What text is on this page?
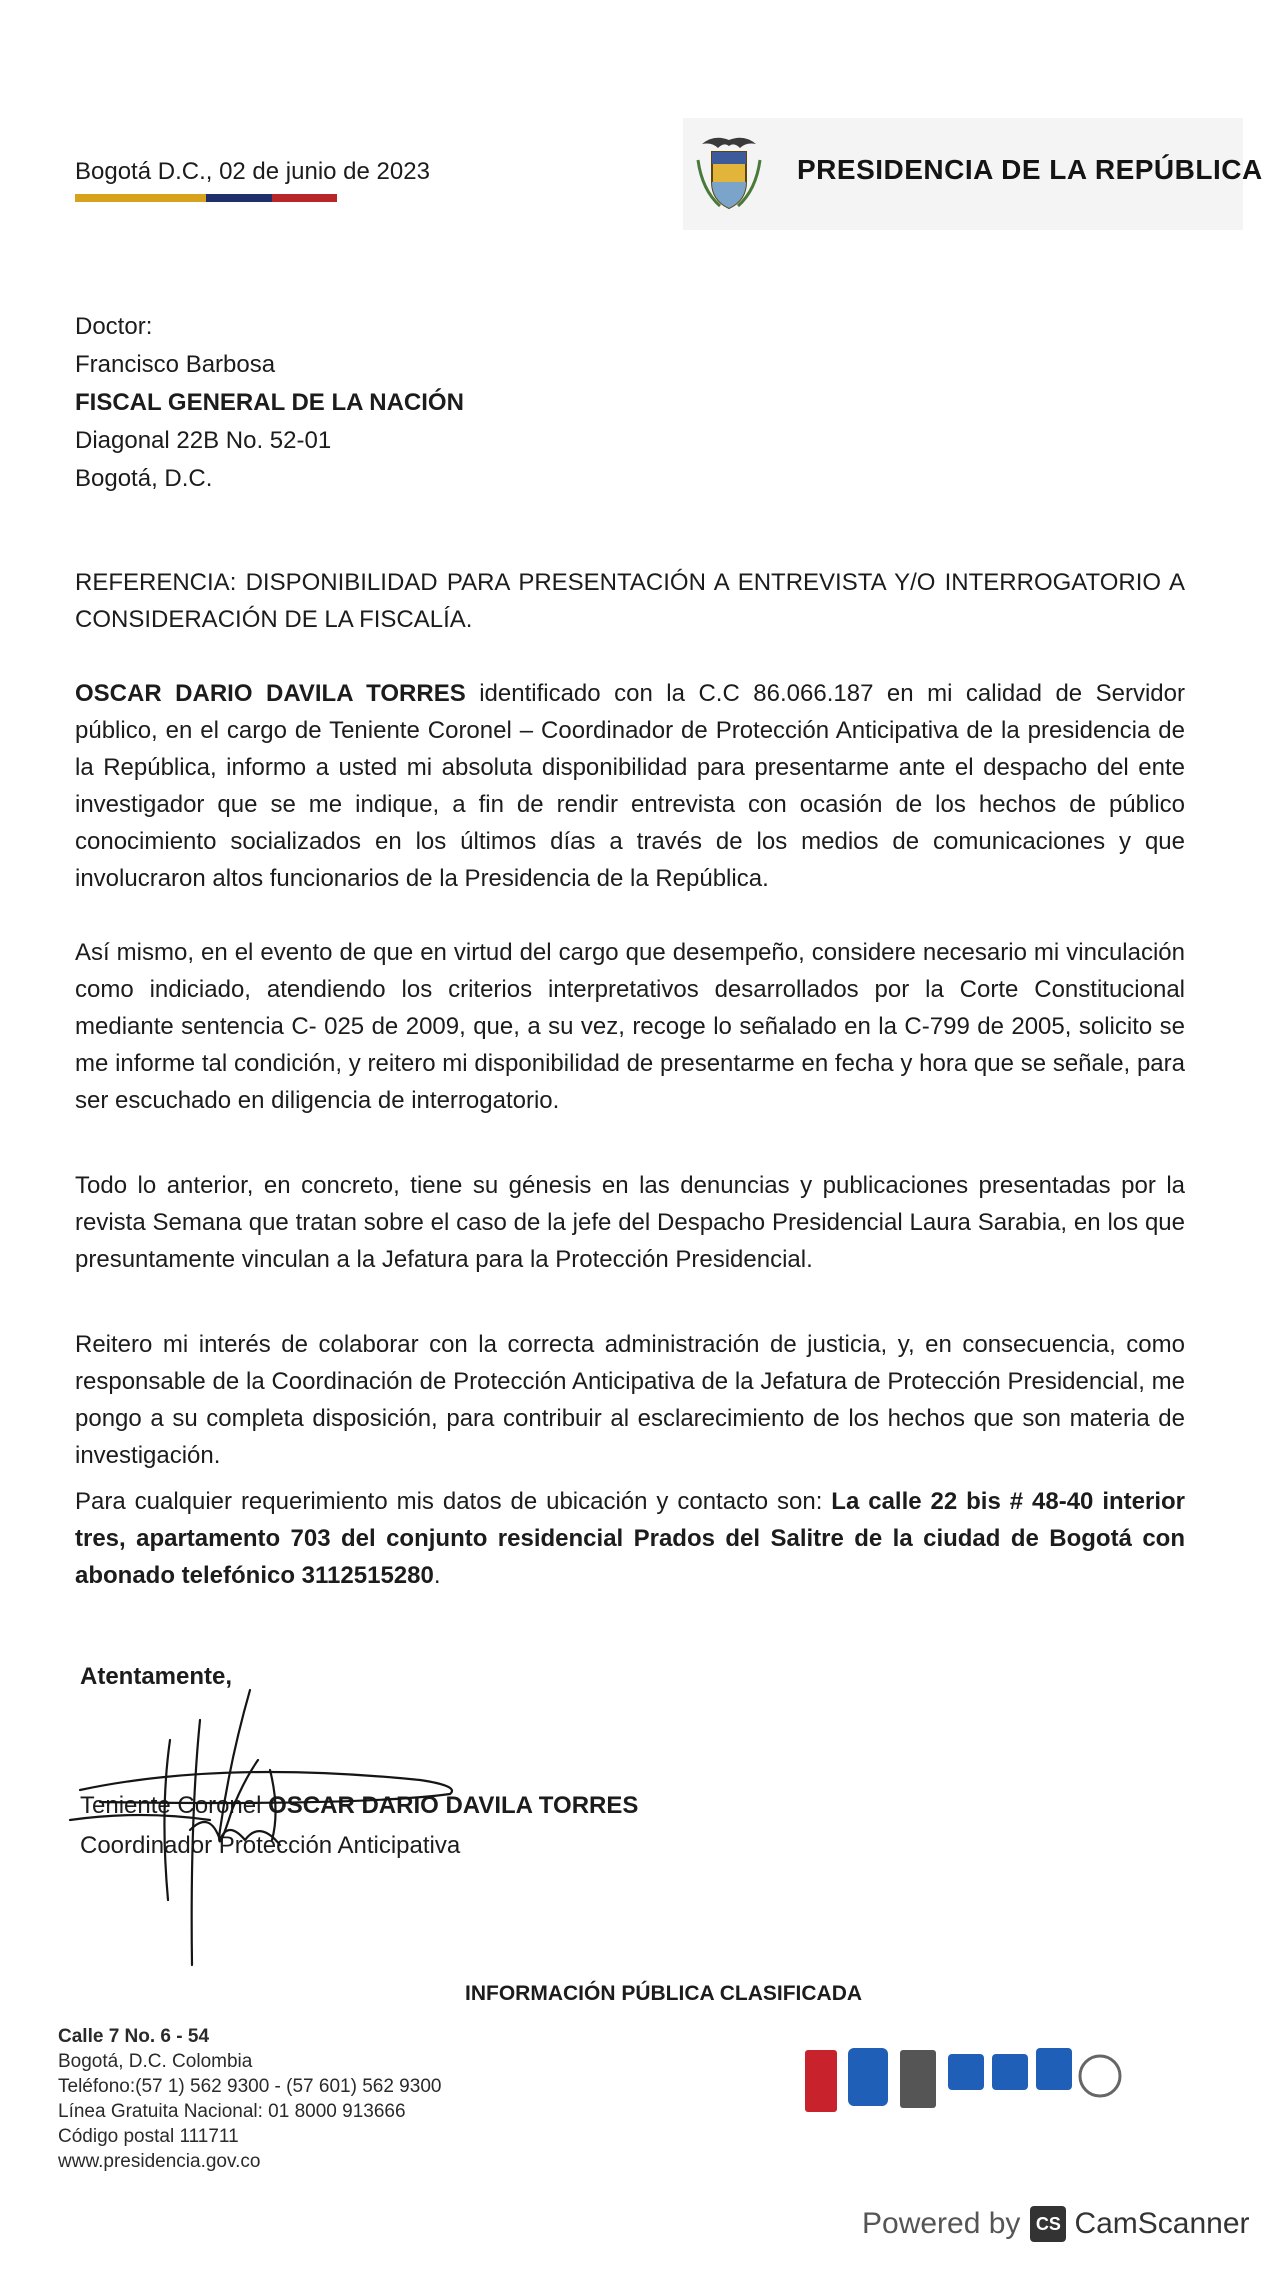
Bogotá D.C., 02 de junio de 2023	PRESIDENCIA DE LA REPÚBLICA
Doctor:
Francisco Barbosa
FISCAL GENERAL DE LA NACIÓN
Diagonal 22B No. 52-01
Bogotá, D.C.
REFERENCIA: DISPONIBILIDAD PARA PRESENTACIÓN A ENTREVISTA Y/O INTERROGATORIO A CONSIDERACIÓN DE LA FISCALÍA.
OSCAR DARIO DAVILA TORRES identificado con la C.C 86.066.187 en mi calidad de Servidor público, en el cargo de Teniente Coronel – Coordinador de Protección Anticipativa de la presidencia de la República, informo a usted mi absoluta disponibilidad para presentarme ante el despacho del ente investigador que se me indique, a fin de rendir entrevista con ocasión de los hechos de público conocimiento socializados en los últimos días a través de los medios de comunicaciones y que involucraron altos funcionarios de la Presidencia de la República.
Así mismo, en el evento de que en virtud del cargo que desempeño, considere necesario mi vinculación como indiciado, atendiendo los criterios interpretativos desarrollados por la Corte Constitucional mediante sentencia C- 025 de 2009, que, a su vez, recoge lo señalado en la C-799 de 2005, solicito se me informe tal condición, y reitero mi disponibilidad de presentarme en fecha y hora que se señale, para ser escuchado en diligencia de interrogatorio.
Todo lo anterior, en concreto, tiene su génesis en las denuncias y publicaciones presentadas por la revista Semana que tratan sobre el caso de la jefe del Despacho Presidencial Laura Sarabia, en los que presuntamente vinculan a la Jefatura para la Protección Presidencial.
Reitero mi interés de colaborar con la correcta administración de justicia, y, en consecuencia, como responsable de la Coordinación de Protección Anticipativa de la Jefatura de Protección Presidencial, me pongo a su completa disposición, para contribuir al esclarecimiento de los hechos que son materia de investigación.
Para cualquier requerimiento mis datos de ubicación y contacto son: La calle 22 bis # 48-40 interior tres, apartamento 703 del conjunto residencial Prados del Salitre de la ciudad de Bogotá con abonado telefónico 3112515280.
Atentamente,
Teniente Coronel OSCAR DARIO DAVILA TORRES
Coordinador Protección Anticipativa
INFORMACIÓN PÚBLICA CLASIFICADA
Calle 7 No. 6 - 54
Bogotá, D.C. Colombia
Teléfono:(57 1) 562 9300 - (57 601) 562 9300
Línea Gratuita Nacional: 01 8000 913666
Código postal 111711
www.presidencia.gov.co
Powered by CS CamScanner
